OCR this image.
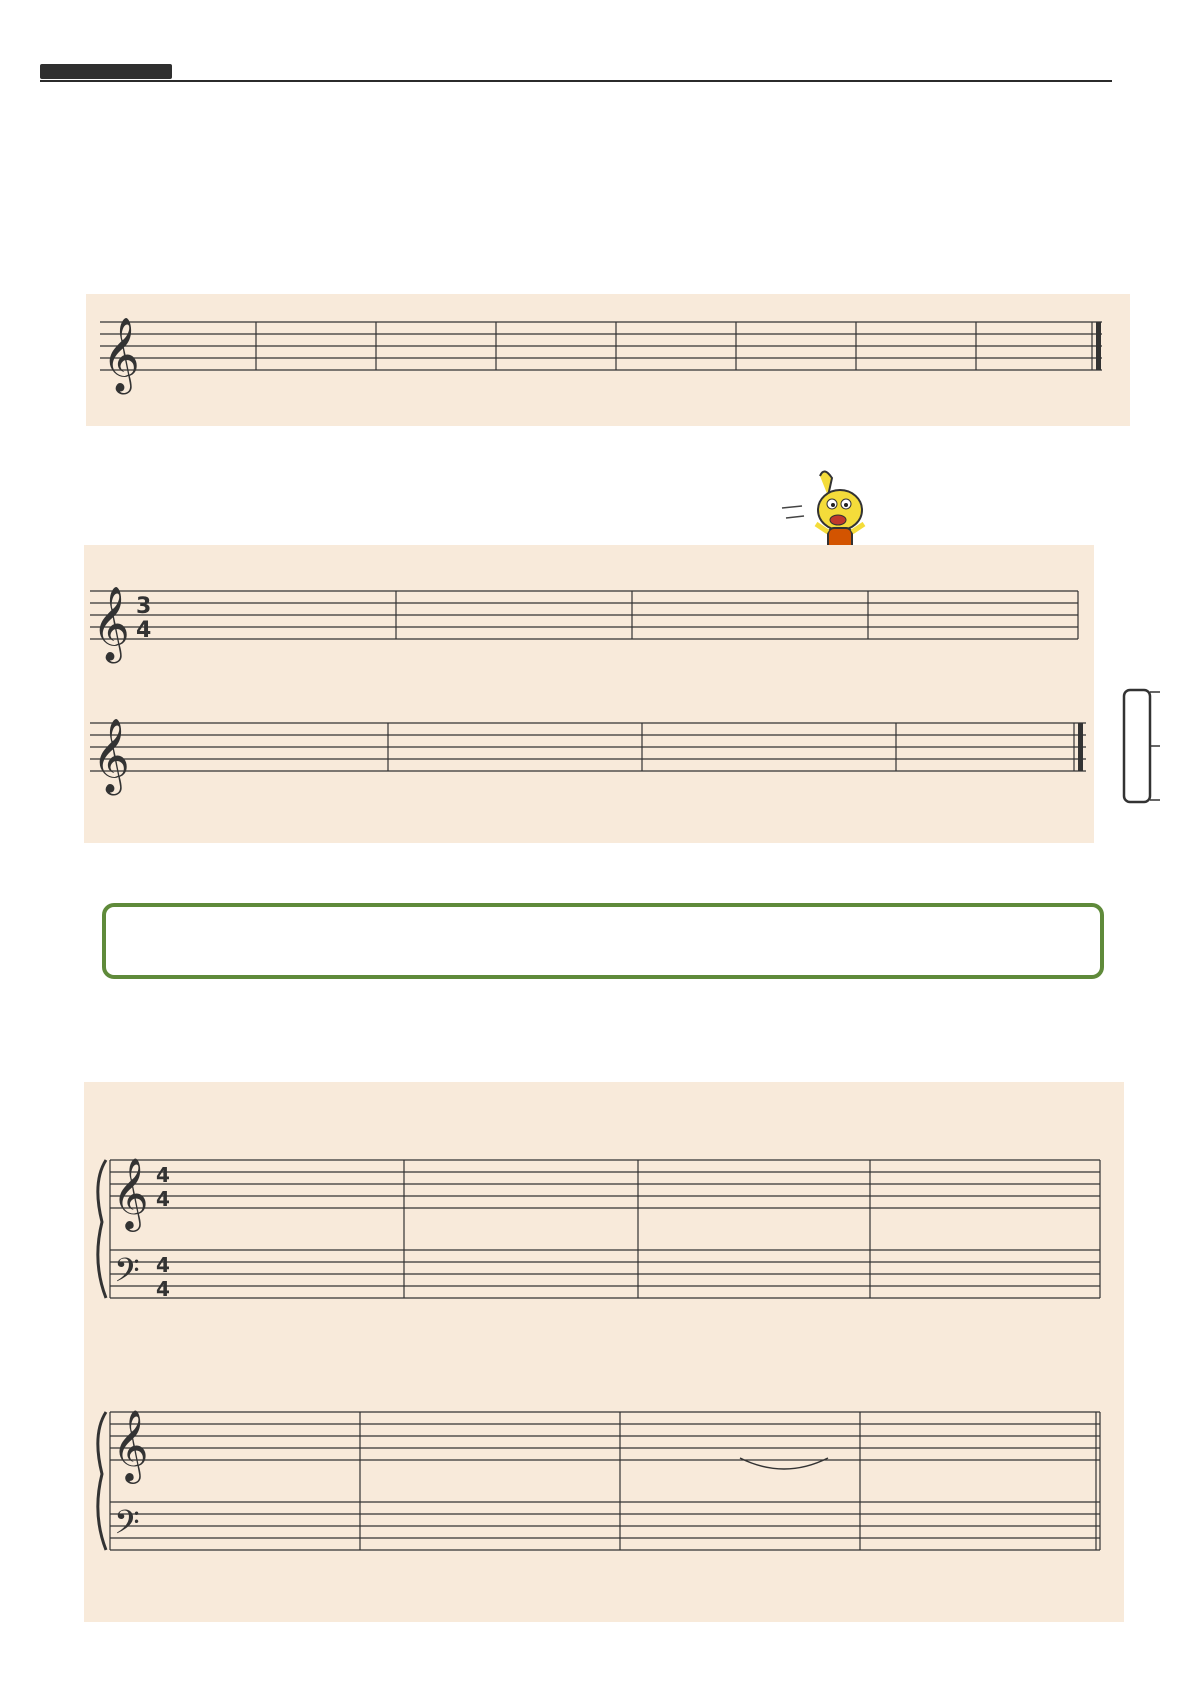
𝄞
𝄞 3
4
𝄞
𝄞
𝄢
4
4
4
4
𝄞
𝄢
